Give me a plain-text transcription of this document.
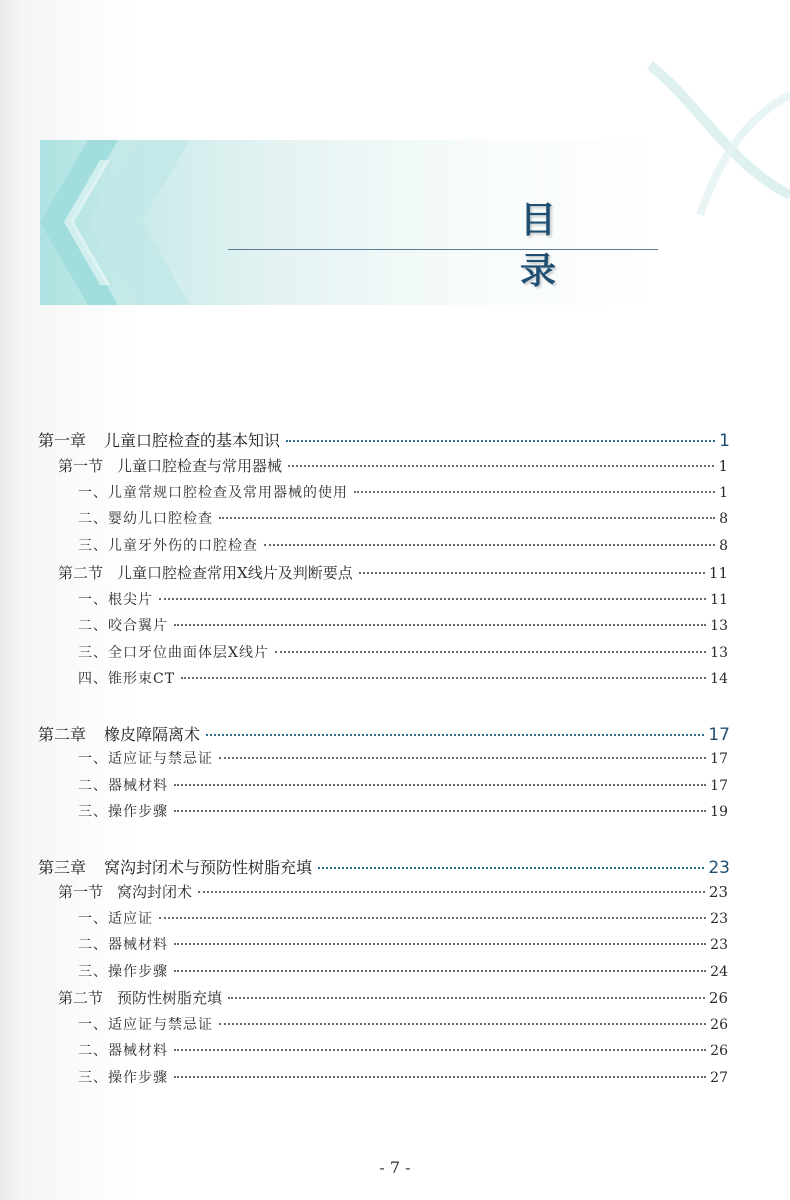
目 录
第一章 儿童口腔检查的基本知识	1
第一节 儿童口腔检查与常用器械	1
一、儿童常规口腔检查及常用器械的使用	1
二、婴幼儿口腔检查	8
三、儿童牙外伤的口腔检查	8
第二节 儿童口腔检查常用X线片及判断要点	11
一、根尖片	11
二、咬合翼片	13
三、全口牙位曲面体层X线片	13
四、锥形束CT	14
第二章 橡皮障隔离术	17
一、适应证与禁忌证	17
二、器械材料	17
三、操作步骤	19
第三章 窝沟封闭术与预防性树脂充填	23
第一节 窝沟封闭术	23
一、适应证	23
二、器械材料	23
三、操作步骤	24
第二节 预防性树脂充填	26
一、适应证与禁忌证	26
二、器械材料	26
三、操作步骤	27
- 7 -
